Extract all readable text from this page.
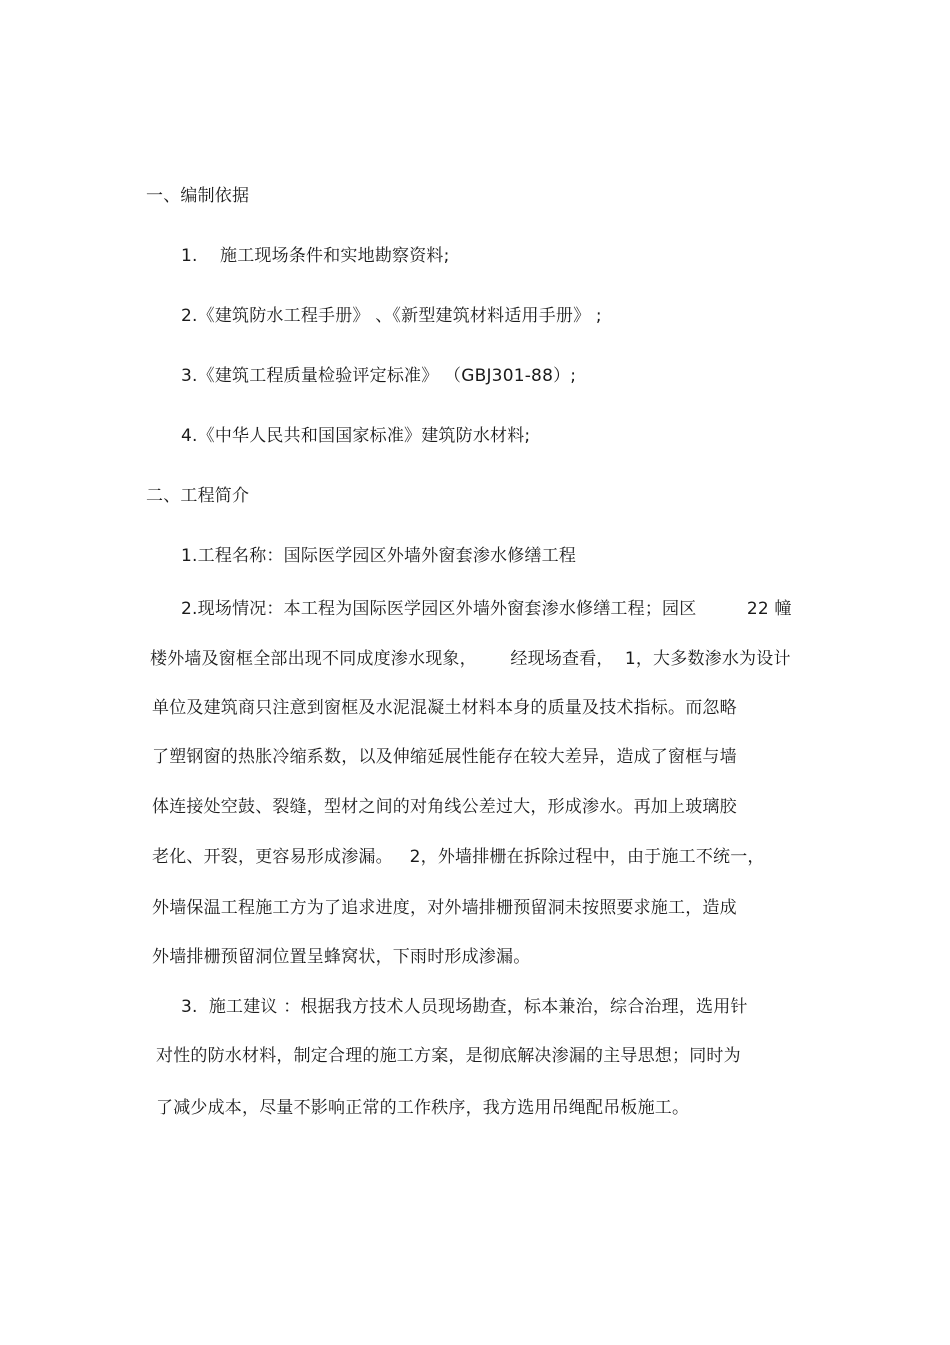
一、编制依据
1.    施工现场条件和实地勘察资料;
2.《建筑防水工程手册》 、《新型建筑材料适用手册》 ;
3.《建筑工程质量检验评定标准》 （GBJ301-88）;
4.《中华人民共和国国家标准》建筑防水材料;
二、工程简介
1.工程名称：国际医学园区外墙外窗套渗水修缮工程
2.现场情况：本工程为国际医学园区外墙外窗套渗水修缮工程；园区         22 幢
楼外墙及窗框全部出现不同成度渗水现象，      经现场查看，  1，大多数渗水为设计
单位及建筑商只注意到窗框及水泥混凝土材料本身的质量及技术指标。而忽略
了塑钢窗的热胀冷缩系数，以及伸缩延展性能存在较大差异，造成了窗框与墙
体连接处空鼓、裂缝，型材之间的对角线公差过大，形成渗水。再加上玻璃胶
老化、开裂，更容易形成渗漏。   2，外墙排栅在拆除过程中，由于施工不统一，
外墙保温工程施工方为了追求进度，对外墙排栅预留洞未按照要求施工，造成
外墙排栅预留洞位置呈蜂窝状，下雨时形成渗漏。
3.  施工建议 ：根据我方技术人员现场勘查，标本兼治，综合治理，选用针
对性的防水材料，制定合理的施工方案，是彻底解决渗漏的主导思想；同时为
了减少成本，尽量不影响正常的工作秩序，我方选用吊绳配吊板施工。
